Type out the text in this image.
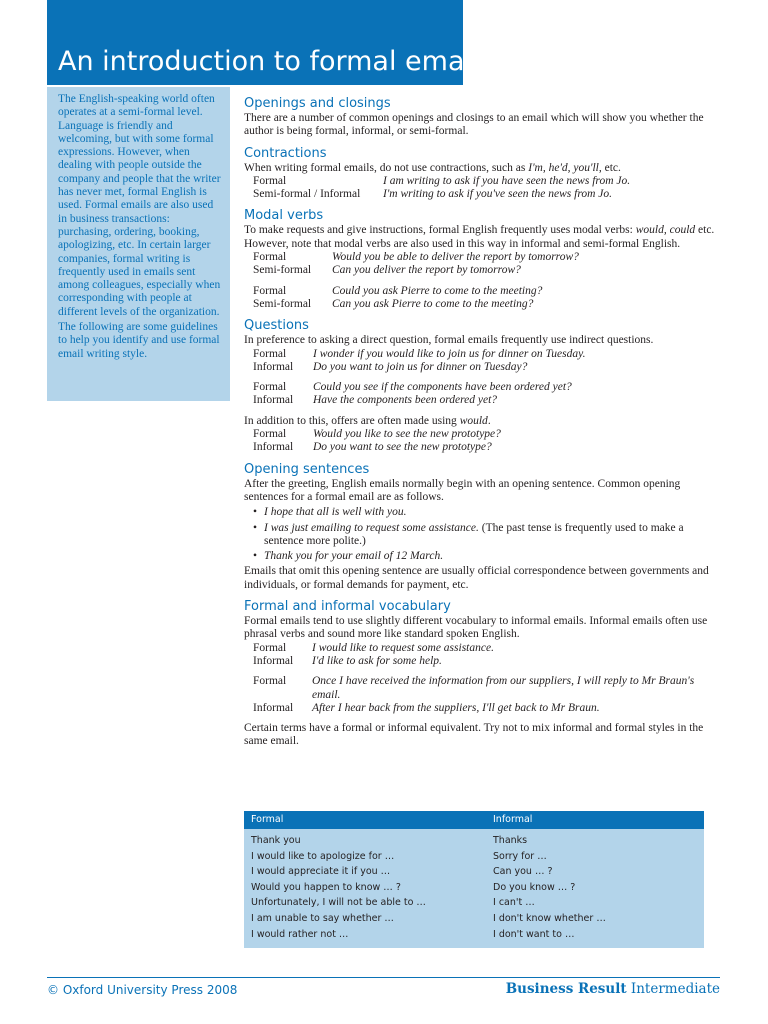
An introduction to formal emails

The English-speaking world often operates at a semi-formal level. Language is friendly and welcoming, but with some formal expressions. However, when dealing with people outside the company and people that the writer has never met, formal English is used. Formal emails are also used in business transactions: purchasing, ordering, booking, apologizing, etc. In certain larger companies, formal writing is frequently used in emails sent among colleagues, especially when corresponding with people at different levels of the organization.

The following are some guidelines to help you identify and use formal email writing style.

Openings and closings

There are a number of common openings and closings to an email which will show you whether the author is being formal, informal, or semi-formal.

Contractions

When writing formal emails, do not use contractions, such as I'm, he'd, you'll, etc.

Formal	I am writing to ask if you have seen the news from Jo.
Semi-formal / Informal	I'm writing to ask if you've seen the news from Jo.
Modal verbs

To make requests and give instructions, formal English frequently uses modal verbs: would, could etc. However, note that modal verbs are also used in this way in informal and semi-formal English.

Formal	Would you be able to deliver the report by tomorrow?
Semi-formal	Can you deliver the report by tomorrow?

Formal	Could you ask Pierre to come to the meeting?
Semi-formal	Can you ask Pierre to come to the meeting?
Questions

In preference to asking a direct question, formal emails frequently use indirect questions.

Formal	I wonder if you would like to join us for dinner on Tuesday.
Informal	Do you want to join us for dinner on Tuesday?

Formal	Could you see if the components have been ordered yet?
Informal	Have the components been ordered yet?

In addition to this, offers are often made using would.

Formal	Would you like to see the new prototype?
Informal	Do you want to see the new prototype?
Opening sentences

After the greeting, English emails normally begin with an opening sentence. Common opening sentences for a formal email are as follows.

• I hope that all is well with you.
• I was just emailing to request some assistance. (The past tense is frequently used to make a sentence more polite.)
• Thank you for your email of 12 March.

Emails that omit this opening sentence are usually official correspondence between governments and individuals, or formal demands for payment, etc.

Formal and informal vocabulary

Formal emails tend to use slightly different vocabulary to informal emails. Informal emails often use phrasal verbs and sound more like standard spoken English.

Formal	I would like to request some assistance.
Informal	I'd like to ask for some help.

Formal	Once I have received the information from our suppliers, I will reply to Mr Braun's email.
Informal	After I hear back from the suppliers, I'll get back to Mr Braun.

Certain terms have a formal or informal equivalent. Try not to mix informal and formal styles in the same email.

Formal	Informal
Thank you	Thanks
I would like to apologize for …	Sorry for …
I would appreciate it if you …	Can you … ?
Would you happen to know … ?	Do you know … ?
Unfortunately, I will not be able to …	I can't …
I am unable to say whether …	I don't know whether …
I would rather not …	I don't want to …
© Oxford University Press 2008	Business Result Intermediate
